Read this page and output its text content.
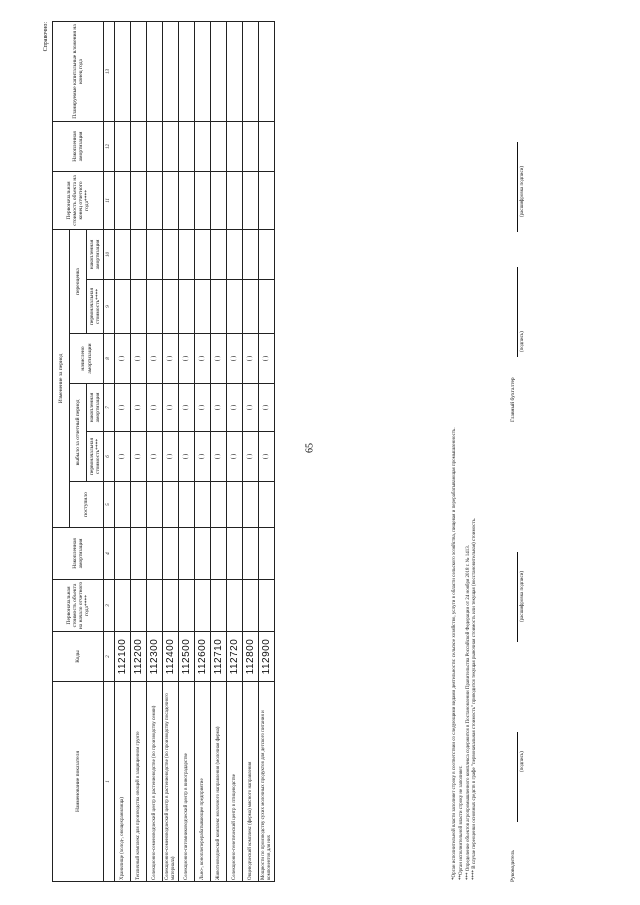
65
Справочно:
Наименование показателя	Коды	Первоначальная стоимость объекта на начало отчетного года****	Накопленная амортизация	Изменение за период						Первоначальная стоимость объекта на конец отчетного года****	Накопленная амортизация	Планируемые капитальные вложения на конец года
				поступило	выбыло за отчетный период		начислено амортизации	переоценка				
					первоначальная стоимость****	накопленная амортизация		первоначальная стоимость****	накопленная амортизация			
1	2	3	4	5	6	7	8	9	10	11	12	13
Хранилище (холод-, овощехранилища)	112100				( )	( )	( )					
Тепличный комплекс для производства овощей в защищенном грунте	112200				( )	( )	( )					
Селекционно-семеноводческий центр в растениеводстве (по производству семян)	112300				( )	( )	( )					
Селекционно-семеноводческий центр в растениеводстве (по производству посадочного материала)	112400				( )	( )	( )					
Селекционно-питомниководческий центр в виноградарстве	112500				( )	( )	( )					
Льно-, коноплеперерабатывающее предприятие	112600				( )	( )	( )					
Животноводческий комплекс молочного направления (молочная ферма)	112710				( )	( )	( )					
Селекционно-генетический центр в птицеводстве	112720				( )	( )	( )					
Овцеводческий комплекс (ферма) мясного направления	112800				( )	( )	( )					
Мощности по производству сухих молочных продуктов для детского питания и компонентов для них	112900				( )	( )	( )					
*Орган исполнительной власти заполняет строку в соответствии со следующими видами деятельности: сельское хозяйство, услуги в области сельского хозяйства, пищевая и перерабатывающая промышленность. **Орган исполнительной власти строку не заполняет. *** Определение объектов агропромышленного комплекса содержится в Постановлении Правительства Российской Федерации от 24 ноября 2018 г. № 1413. **** В случае переоценки основных средств в графе "первоначальная стоимость" приводится текущая рыночная стоимость или текущая (восстановительная) стоимость.	Руководитель
(подпись)
(расшифровка подписи)
Главный бухгалтер
(подпись)
(расшифровка подписи)
